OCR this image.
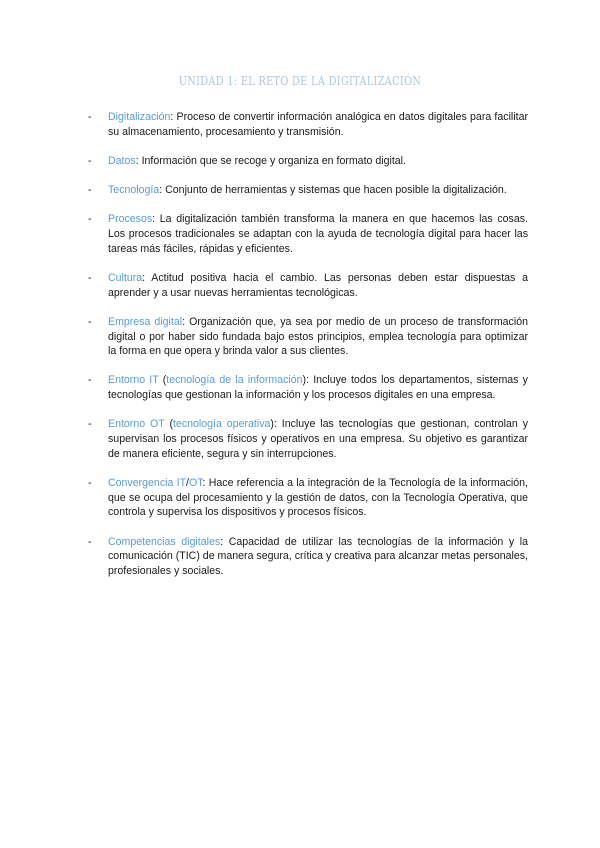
UNIDAD 1: EL RETO DE LA DIGITALIZACIÓN
-	Digitalización: Proceso de convertir información analógica en datos digitales para facilitar su almacenamiento, procesamiento y transmisión.
-	Datos: Información que se recoge y organiza en formato digital.
-	Tecnología: Conjunto de herramientas y sistemas que hacen posible la digitalización.
-	Procesos: La digitalización también transforma la manera en que hacemos las cosas. Los procesos tradicionales se adaptan con la ayuda de tecnología digital para hacer las tareas más fáciles, rápidas y eficientes.
-	Cultura: Actitud positiva hacia el cambio. Las personas deben estar dispuestas a aprender y a usar nuevas herramientas tecnológicas.
-	Empresa digital: Organización que, ya sea por medio de un proceso de transformación digital o por haber sido fundada bajo estos principios, emplea tecnología para optimizar la forma en que opera y brinda valor a sus clientes.
-	Entorno IT (tecnología de la información): Incluye todos los departamentos, sistemas y tecnologías que gestionan la información y los procesos digitales en una empresa.
-	Entorno OT (tecnología operativa): Incluye las tecnologías que gestionan, controlan y supervisan los procesos físicos y operativos en una empresa. Su objetivo es garantizar de manera eficiente, segura y sin interrupciones.
-	Convergencia IT/OT: Hace referencia a la integración de la Tecnología de la información, que se ocupa del procesamiento y la gestión de datos, con la Tecnología Operativa, que controla y supervisa los dispositivos y procesos físicos.
-	Competencias digitales: Capacidad de utilizar las tecnologías de la información y la comunicación (TIC) de manera segura, crítica y creativa para alcanzar metas personales, profesionales y sociales.
